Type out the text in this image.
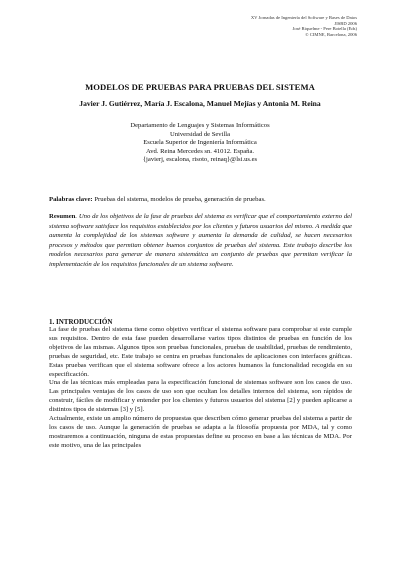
XV Jornadas de Ingeniería del Software y Bases de Datos
JISBD 2006
José Riquelme - Pere Botella (Eds)
© CIMNE, Barcelona, 2006
MODELOS DE PRUEBAS PARA PRUEBAS DEL SISTEMA
Javier J. Gutiérrez, María J. Escalona, Manuel Mejías y Antonia M. Reina
Departamento de Lenguajes y Sistemas Informáticos
Universidad de Sevilla
Escuela Superior de Ingeniería Informática
Avd. Reina Mercedes sn. 41012. España.
{javierj, escalona, risoto, reinaq}@lsi.us.es
Palabras clave: Pruebas del sistema, modelos de prueba, generación de pruebas.
Resumen. Uno de los objetivos de la fase de pruebas del sistema es verificar que el comportamiento externo del sistema software satisface los requisitos establecidos por los clientes y futuros usuarios del mismo. A medida que aumenta la complejidad de los sistemas software y aumenta la demanda de calidad, se hacen necesarios procesos y métodos que permitan obtener buenos conjuntos de pruebas del sistema. Este trabajo describe los modelos necesarios para generar de manera sistemática un conjunto de pruebas que permitan verificar la implementación de los requisitos funcionales de un sistema software.
1. INTRODUCCIÓN

La fase de pruebas del sistema tiene como objetivo verificar el sistema software para comprobar si este cumple sus requisitos. Dentro de esta fase pueden desarrollarse varios tipos distintos de pruebas en función de los objetivos de las mismas. Algunos tipos son pruebas funcionales, pruebas de usabilidad, pruebas de rendimiento, pruebas de seguridad, etc. Este trabajo se centra en pruebas funcionales de aplicaciones con interfaces gráficas. Estas pruebas verifican que el sistema software ofrece a los actores humanos la funcionalidad recogida en su especificación.

Una de las técnicas más empleadas para la especificación funcional de sistemas software son los casos de uso. Las principales ventajas de los casos de uso son que ocultan los detalles internos del sistema, son rápidos de construir, fáciles de modificar y entender por los clientes y futuros usuarios del sistema [2] y pueden aplicarse a distintos tipos de sistemas [3] y [5].

Actualmente, existe un amplio número de propuestas que describen cómo generar pruebas del sistema a partir de los casos de uso. Aunque la generación de pruebas se adapta a la filosofía propuesta por MDA, tal y como mostraremos a continuación, ninguna de estas propuestas define su proceso en base a las técnicas de MDA. Por este motivo, una de las principales
